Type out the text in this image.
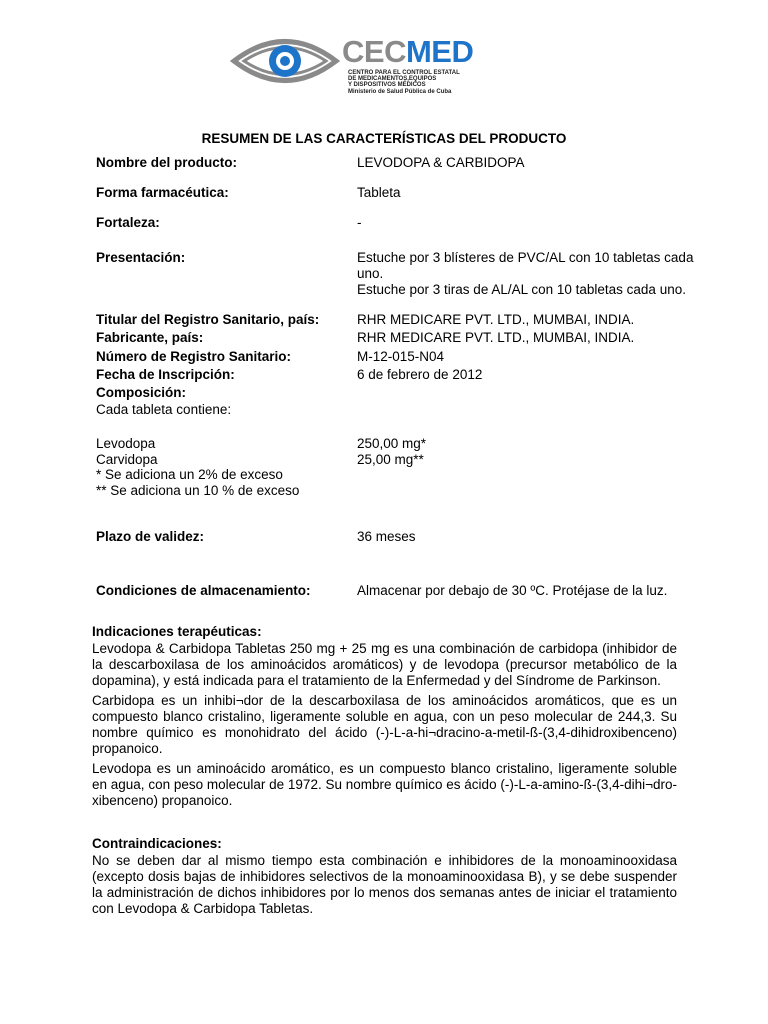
CECMED
CENTRO PARA EL CONTROL ESTATAL
DE MEDICAMENTOS,EQUIPOS
Y DISPOSITIVOS MÉDICOS
Ministerio de Salud Pública de Cuba
RESUMEN DE LAS CARACTERÍSTICAS DEL PRODUCTO
Nombre del producto:	LEVODOPA & CARBIDOPA
Forma farmacéutica:	Tableta
Fortaleza:	-
Presentación:	Estuche por 3 blísteres de PVC/AL con 10 tabletas cada uno.
Estuche por 3 tiras de AL/AL con 10 tabletas cada uno.
Titular del Registro Sanitario, país:	RHR MEDICARE PVT. LTD., MUMBAI, INDIA.
Fabricante, país:	RHR MEDICARE PVT. LTD., MUMBAI, INDIA.
Número de Registro Sanitario:	M-12-015-N04
Fecha de Inscripción:	6 de febrero de 2012
Composición:
Cada tableta contiene:
Levodopa	250,00 mg*
Carvidopa	25,00 mg**
* Se adiciona un 2% de exceso
** Se adiciona un 10 % de exceso
Plazo de validez:	36 meses
Condiciones de almacenamiento:	Almacenar por debajo de 30 ºC. Protéjase de la luz.
Indicaciones terapéuticas:

Levodopa & Carbidopa Tabletas 250 mg + 25 mg es una combinación de carbidopa (inhibidor de la descarboxilasa de los aminoácidos aromáticos) y de levodopa (precursor metabólico de la dopamina), y está indicada para el tratamiento de la Enfermedad y del Síndrome de Parkinson.

Carbidopa es un inhibi¬dor de la descarboxilasa de los aminoácidos aromáticos, que es un compuesto blanco cristalino, ligeramente soluble en agua, con un peso molecular de 244,3. Su nombre químico es monohidrato del ácido (-)-L-a-hi¬dracino-a-metil-ß-(3,4-dihidroxibenceno) propanoico.

Levodopa es un aminoácido aromático, es un compuesto blanco cristalino, ligeramente soluble en agua, con peso molecular de 1972. Su nombre químico es ácido (-)-L-a-amino-ß-(3,4-dihi¬dro-xibenceno) propanoico.

Contraindicaciones:

No se deben dar al mismo tiempo esta combinación e inhibidores de la monoaminooxidasa (excepto dosis bajas de inhibidores selectivos de la monoaminooxidasa B), y se debe suspender la administración de dichos inhibidores por lo menos dos semanas antes de iniciar el tratamiento con Levodopa & Carbidopa Tabletas.
